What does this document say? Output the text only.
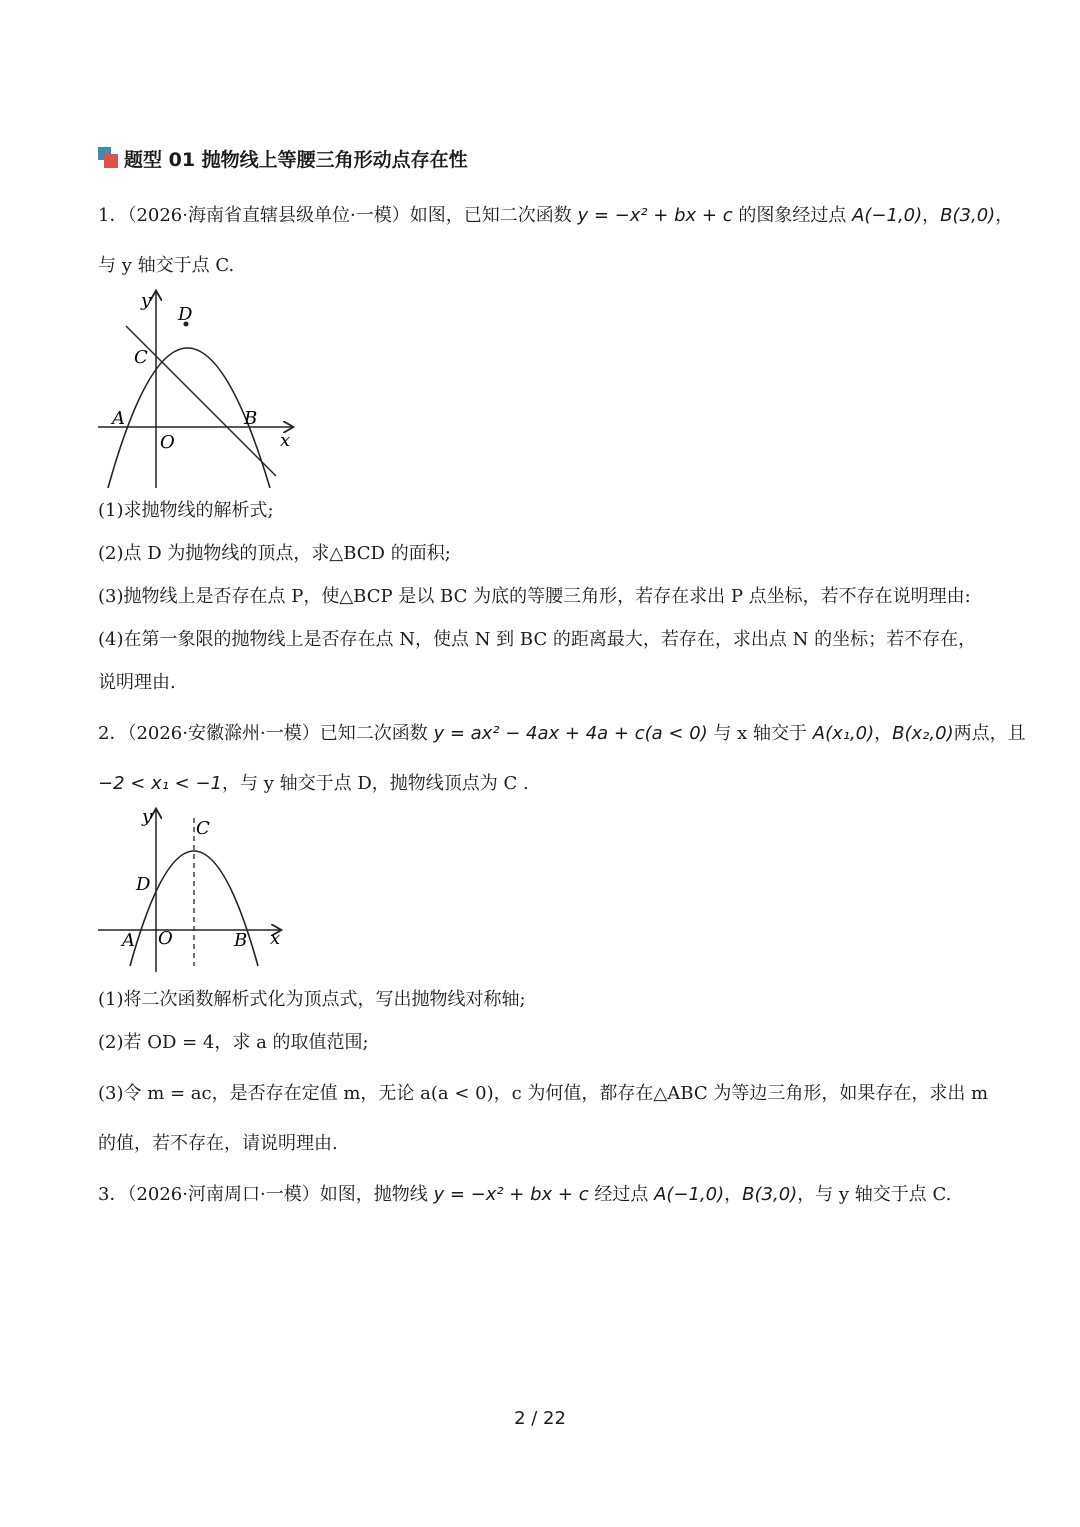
题型 01 抛物线上等腰三角形动点存在性
1．（2026·海南省直辖县级单位·一模）如图，已知二次函数 y = −x² + bx + c 的图象经过点 A(−1,0)，B(3,0)，
与 y 轴交于点 C.
y
x
O
A	B
C
D
(1)求抛物线的解析式;
(2)点 D 为抛物线的顶点，求△BCD 的面积;
(3)抛物线上是否存在点 P，使△BCP 是以 BC 为底的等腰三角形，若存在求出 P 点坐标，若不存在说明理由:
(4)在第一象限的抛物线上是否存在点 N，使点 N 到 BC 的距离最大，若存在，求出点 N 的坐标；若不存在，
说明理由.
2．（2026·安徽滁州·一模）已知二次函数 y = ax² − 4ax + 4a + c(a < 0) 与 x 轴交于 A(x₁,0)，B(x₂,0)两点，且
−2 < x₁ < −1，与 y 轴交于点 D，抛物线顶点为 C .
y
x
O
A	B
C
D
(1)将二次函数解析式化为顶点式，写出抛物线对称轴;
(2)若 OD = 4，求 a 的取值范围;
(3)令 m = ac，是否存在定值 m，无论 a(a < 0)，c 为何值，都存在△ABC 为等边三角形，如果存在，求出 m
的值，若不存在，请说明理由.
3．（2026·河南周口·一模）如图，抛物线 y = −x² + bx + c 经过点 A(−1,0)，B(3,0)，与 y 轴交于点 C.
2 / 22
